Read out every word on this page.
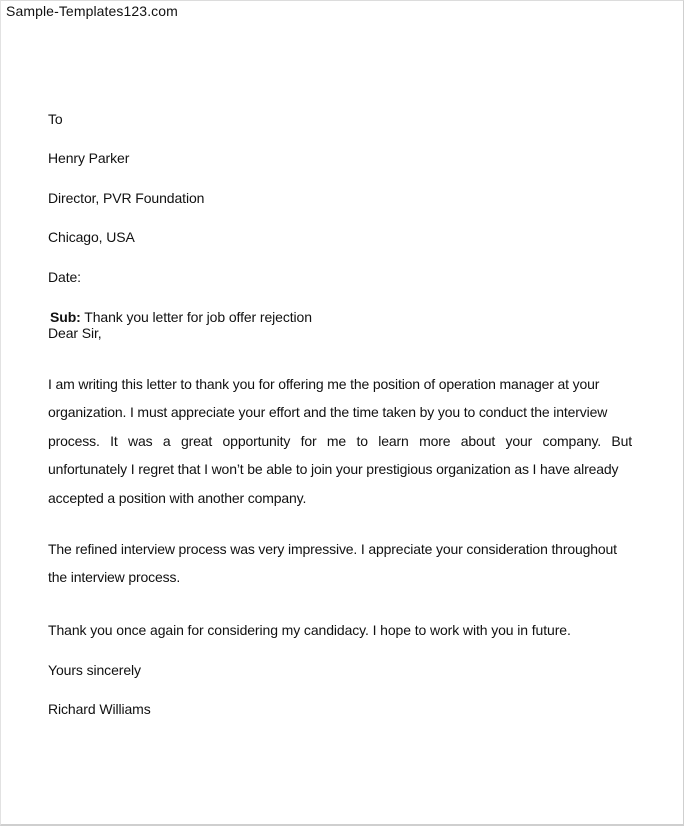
Sample-Templates123.com
To
Henry Parker
Director, PVR Foundation
Chicago, USA
Date:
Sub: Thank you letter for job offer rejection
Dear Sir,
I am writing this letter to thank you for offering me the position of operation manager at your
organization. I must appreciate your effort and the time taken by you to conduct the interview
process. It was a great opportunity for me to learn more about your company. But
unfortunately I regret that I won’t be able to join your prestigious organization as I have already
accepted a position with another company.
The refined interview process was very impressive. I appreciate your consideration throughout
the interview process.
Thank you once again for considering my candidacy. I hope to work with you in future.
Yours sincerely
Richard Williams
